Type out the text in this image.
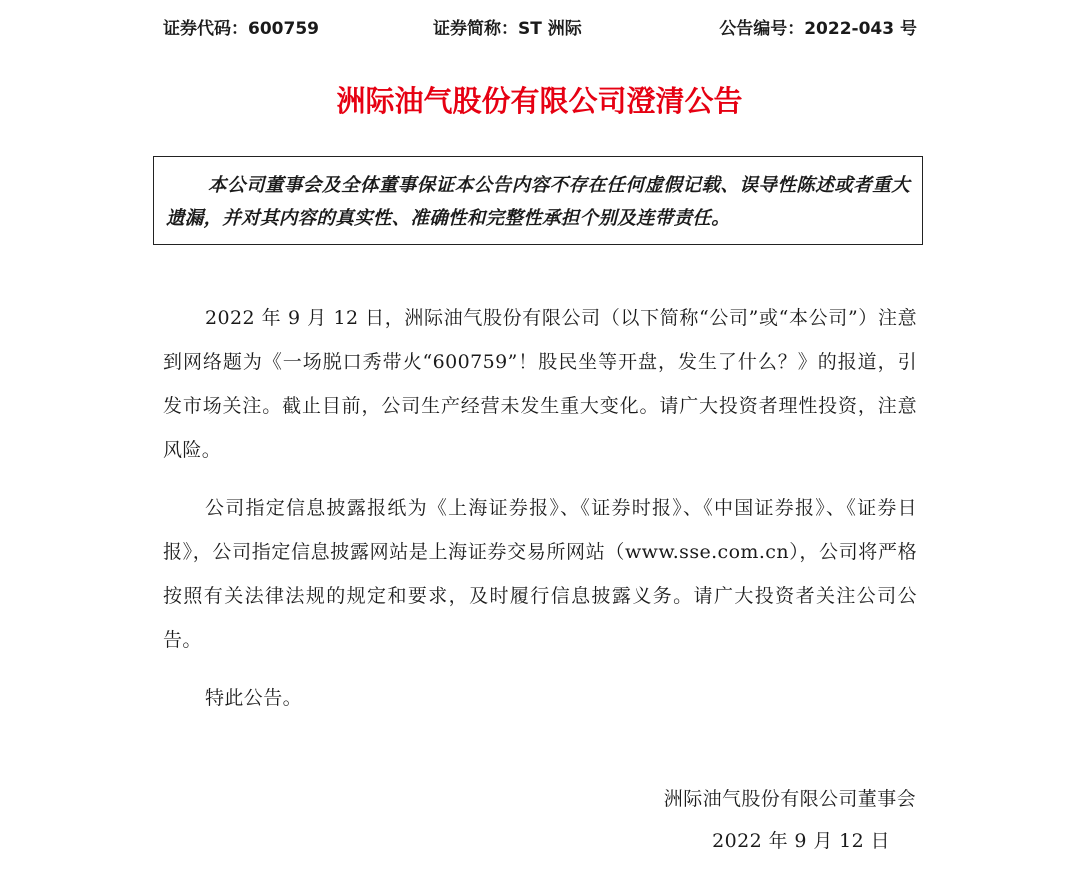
证券代码：600759	证券简称：ST 洲际	公告编号：2022-043 号
洲际油气股份有限公司澄清公告
本公司董事会及全体董事保证本公告内容不存在任何虚假记载、误导性陈述或者重大遗漏，并对其内容的真实性、准确性和完整性承担个别及连带责任。

2022 年 9 月 12 日，洲际油气股份有限公司（以下简称“公司”或“本公司”）注意到网络题为《一场脱口秀带火“600759”！股民坐等开盘，发生了什么？》的报道，引发市场关注。截止目前，公司生产经营未发生重大变化。请广大投资者理性投资，注意风险。

公司指定信息披露报纸为《上海证券报》、《证券时报》、《中国证券报》、《证券日报》，公司指定信息披露网站是上海证券交易所网站（www.sse.com.cn），公司将严格按照有关法律法规的规定和要求，及时履行信息披露义务。请广大投资者关注公司公告。

特此公告。

洲际油气股份有限公司董事会
2022 年 9 月 12 日
